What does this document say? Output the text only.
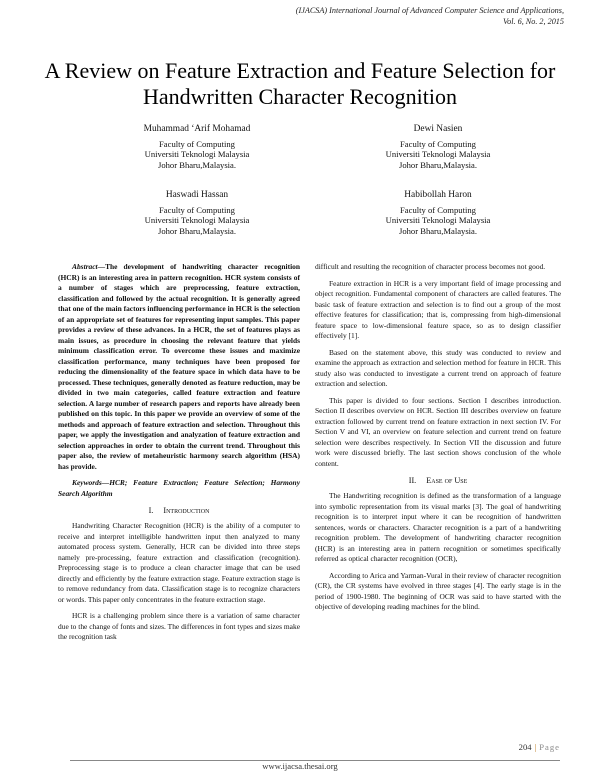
(IJACSA) International Journal of Advanced Computer Science and Applications,
Vol. 6, No. 2, 2015
A Review on Feature Extraction and Feature Selection for Handwritten Character Recognition
Muhammad ‘Arif Mohamad
Faculty of Computing
Universiti Teknologi Malaysia
Johor Bharu,Malaysia.
Dewi Nasien
Faculty of Computing
Universiti Teknologi Malaysia
Johor Bharu,Malaysia.
Haswadi Hassan
Faculty of Computing
Universiti Teknologi Malaysia
Johor Bharu,Malaysia.
Habibollah Haron
Faculty of Computing
Universiti Teknologi Malaysia
Johor Bharu,Malaysia.

Abstract—The development of handwriting character recognition (HCR) is an interesting area in pattern recognition. HCR system consists of a number of stages which are preprocessing, feature extraction, classification and followed by the actual recognition. It is generally agreed that one of the main factors influencing performance in HCR is the selection of an appropriate set of features for representing input samples. This paper provides a review of these advances. In a HCR, the set of features plays as main issues, as procedure in choosing the relevant feature that yields minimum classification error. To overcome these issues and maximize classification performance, many techniques have been proposed for reducing the dimensionality of the feature space in which data have to be processed. These techniques, generally denoted as feature reduction, may be divided in two main categories, called feature extraction and feature selection. A large number of research papers and reports have already been published on this topic. In this paper we provide an overview of some of the methods and approach of feature extraction and selection. Throughout this paper, we apply the investigation and analyzation of feature extraction and selection approaches in order to obtain the current trend. Throughout this paper also, the review of metaheuristic harmony search algorithm (HSA) has provide.

Keywords—HCR; Feature Extraction; Feature Selection; Harmony Search Algorithm

I. Introduction

Handwriting Character Recognition (HCR) is the ability of a computer to receive and interpret intelligible handwritten input then analyzed to many automated process system. Generally, HCR can be divided into three steps namely pre-processing, feature extraction and classification (recognition). Preprocessing stage is to produce a clean character image that can be used directly and efficiently by the feature extraction stage. Feature extraction stage is to remove redundancy from data. Classification stage is to recognize characters or words. This paper only concentrates in the feature extraction stage.

HCR is a challenging problem since there is a variation of same character due to the change of fonts and sizes. The differences in font types and sizes make the recognition task

difficult and resulting the recognition of character process becomes not good.

Feature extraction in HCR is a very important field of image processing and object recognition. Fundamental component of characters are called features. The basic task of feature extraction and selection is to find out a group of the most effective features for classification; that is, compressing from high-dimensional feature space to low-dimensional feature space, so as to design classifier effectively [1].

Based on the statement above, this study was conducted to review and examine the approach as extraction and selection method for feature in HCR. This study also was conducted to investigate a current trend on approach of feature extraction and selection.

This paper is divided to four sections. Section I describes introduction. Section II describes overview on HCR. Section III describes overview on feature extraction followed by current trend on feature extraction in next section IV. For Section V and VI, an overview on feature selection and current trend on feature selection were describes respectively. In Section VII the discussion and future work were discussed briefly. The last section shows conclusion of the whole content.

II. Ease of Use

The Handwriting recognition is defined as the transformation of a language into symbolic representation from its visual marks [3]. The goal of handwriting recognition is to interpret input where it can be recognition of handwritten sentences, words or characters. Character recognition is a part of a handwriting recognition problem. The development of handwriting character recognition (HCR) is an interesting area in pattern recognition or sometimes specifically referred as optical character recognition (OCR),

According to Arica and Yarman-Vural in their review of character recognition (CR), the CR systems have evolved in three stages [4]. The early stage is in the period of 1900-1980. The beginning of OCR was said to have started with the objective of developing reading machines for the blind.

204 | Page
www.ijacsa.thesai.org
